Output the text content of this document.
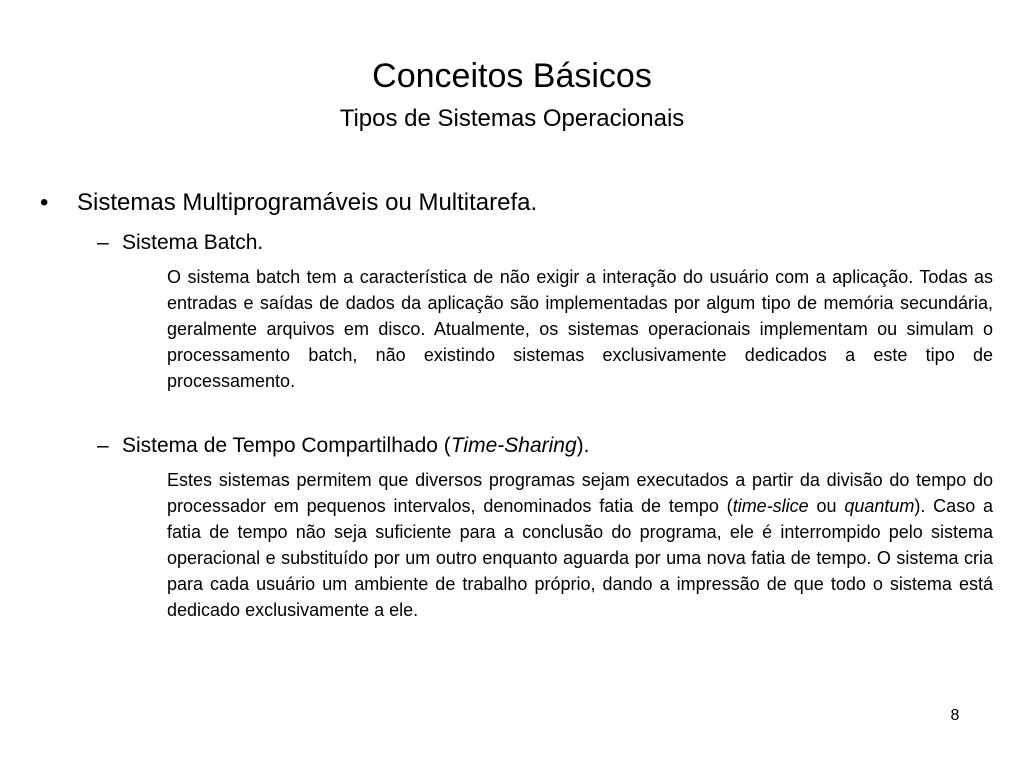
Conceitos Básicos
Tipos de Sistemas Operacionais
• Sistemas Multiprogramáveis ou Multitarefa.
– Sistema Batch.
O sistema batch tem a característica de não exigir a interação do usuário com a aplicação. Todas as entradas e saídas de dados da aplicação são implementadas por algum tipo de memória secundária, geralmente arquivos em disco. Atualmente, os sistemas operacionais implementam ou simulam o processamento batch, não existindo sistemas exclusivamente dedicados a este tipo de processamento.
– Sistema de Tempo Compartilhado (Time-Sharing).
Estes sistemas permitem que diversos programas sejam executados a partir da divisão do tempo do processador em pequenos intervalos, denominados fatia de tempo (time-slice ou quantum). Caso a fatia de tempo não seja suficiente para a conclusão do programa, ele é interrompido pelo sistema operacional e substituído por um outro enquanto aguarda por uma nova fatia de tempo. O sistema cria para cada usuário um ambiente de trabalho próprio, dando a impressão de que todo o sistema está dedicado exclusivamente a ele.
8
